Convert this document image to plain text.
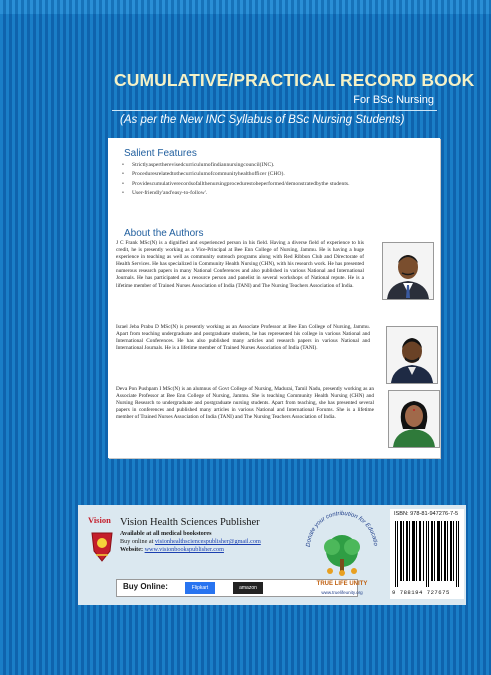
CUMULATIVE/PRACTICAL RECORD BOOK
For BSc Nursing
(As per the New INC Syllabus of BSc Nursing Students)
Salient Features
• Strictlyaspertherevisedcurriculumofindiannursingcouncil(INC).
• Proceduresrelatedtothecurriculumofcommunityhealthofficer (CHO).
• Providescumulativerecordsofallthenursingprocedurestobeperformed/demonstratedbythe students.
• User-friendly'and'easy-to-follow'.
About the Authors

J C Frank MSc(N) is a dignified and experienced person in his field. Having a diverse field of experience to his credit, he is presently working as a Vice-Principal at Bee Enn College of Nursing, Jammu. He is having a huge experience in teaching as well as community outreach programs along with Red Ribbon Club and Directorate of Health Services. He has specialized in Community Health Nursing (CHN), with his research work. He has presented numerous research papers in many National Conferences and also published in various National and International Journals. He has participated as a resource person and panelist in several workshops of National repute. He is a lifetime member of Trained Nurses Association of India (TANI) and The Nursing Teachers Association of India.

Israel Jeba Prabu D MSc(N) is presently working as an Associate Professor at Bee Enn College of Nursing, Jammu. Apart from teaching undergraduate and postgraduate students, he has represented his college in various National and International Conferences. He has also published many articles and research papers in various National and International Journals. He is a lifetime member of Trained Nurses Association of India (TANI).

Deva Pon Pushpam I MSc(N) is an alumnus of Govt College of Nursing, Madurai, Tamil Nadu, presently working as an Associate Professor at Bee Enn College of Nursing, Jammu. She is teaching Community Health Nursing (CHN) and Nursing Research to undergraduate and postgraduate nursing students. Apart from teaching, she has presented several papers in conferences and published many articles in various National and International Forums. She is a lifetime member of Trained Nurses Association of India (TANI) and The Nursing Teachers Association of India.

Vision Vision Health Sciences Publisher
Available at all medical bookstores
Buy online at visionhealthsciencespublisher@gmail.com
Website: www.visionbookspublisher.com
Buy Online:	Flipkart	amazon
Donate your contribution for Educatio
TRUE LIFE UNITY
www.truelifeunity.org
ISBN: 978-81-947276-7-5
9 788194 727675
